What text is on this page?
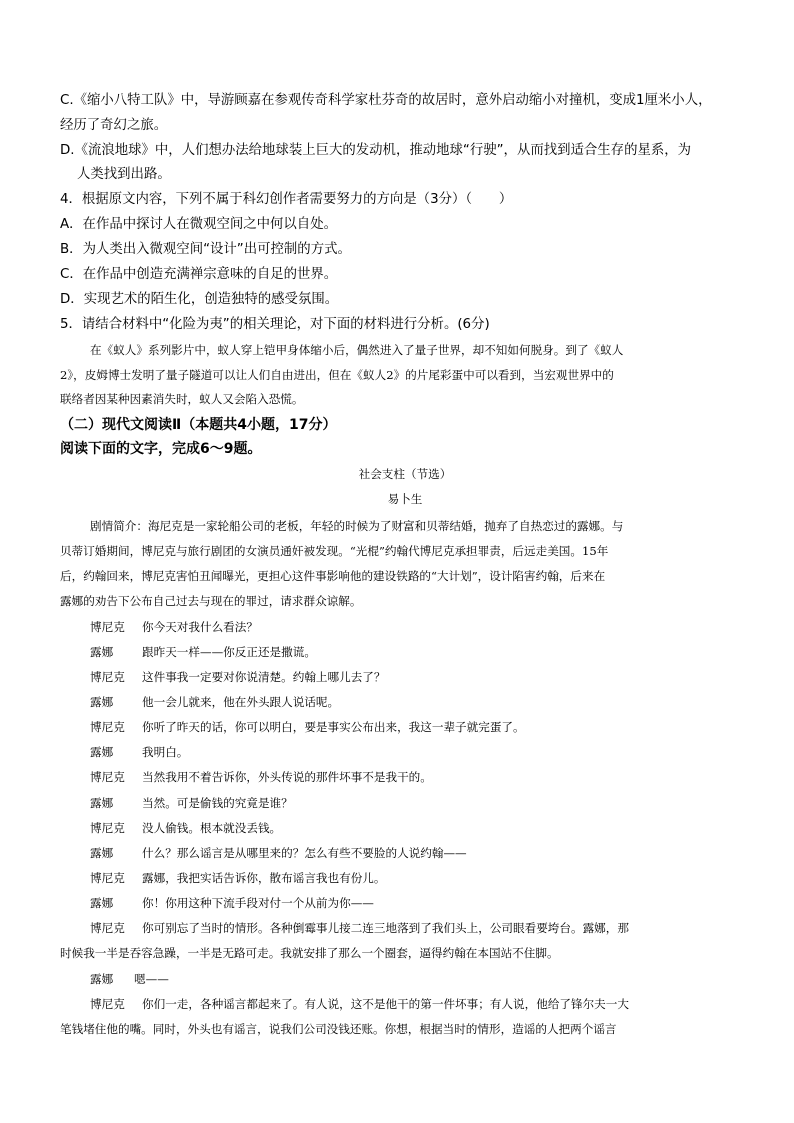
C.《缩小八特工队》中，导游顾嘉在参观传奇科学家杜芬奇的故居时，意外启动缩小对撞机，变成1厘米小人，
经历了奇幻之旅。
D.《流浪地球》中，人们想办法给地球装上巨大的发动机，推动地球“行驶”，从而找到适合生存的星系，为
人类找到出路。
4．根据原文内容，下列不属于科幻创作者需要努力的方向是（3分）（　　）
A．在作品中探讨人在微观空间之中何以自处。
B．为人类出入微观空间“设计”出可控制的方式。
C．在作品中创造充满禅宗意味的自足的世界。
D．实现艺术的陌生化，创造独特的感受氛围。
5．请结合材料中“化险为夷”的相关理论，对下面的材料进行分析。(6分)
在《蚁人》系列影片中，蚁人穿上铠甲身体缩小后，偶然进入了量子世界，却不知如何脱身。到了《蚁人
2》，皮姆博士发明了量子隧道可以让人们自由进出，但在《蚁人2》的片尾彩蛋中可以看到，当宏观世界中的
联络者因某种因素消失时，蚁人又会陷入恐慌。
（二）现代文阅读Ⅱ（本题共4小题，17分）
阅读下面的文字，完成6～9题。
社会支柱（节选）
易卜生
剧情简介：海尼克是一家轮船公司的老板，年轻的时候为了财富和贝蒂结婚，抛弃了自热恋过的露娜。与
贝蒂订婚期间，博尼克与旅行剧团的女演员通奸被发现。“光棍”约翰代博尼克承担罪责，后远走美国。15年
后，约翰回来，博尼克害怕丑闻曝光，更担心这件事影响他的建设铁路的“大计划”，设计陷害约翰，后来在
露娜的劝告下公布自己过去与现在的罪过，请求群众谅解。
博尼克 你今天对我什么看法？
露娜 跟昨天一样——你反正还是撒谎。
博尼克 这件事我一定要对你说清楚。约翰上哪儿去了？
露娜 他一会儿就来，他在外头跟人说话呢。
博尼克 你听了昨天的话，你可以明白，要是事实公布出来，我这一辈子就完蛋了。
露娜 我明白。
博尼克 当然我用不着告诉你，外头传说的那件坏事不是我干的。
露娜 当然。可是偷钱的究竟是谁？
博尼克 没人偷钱。根本就没丢钱。
露娜 什么？那么谣言是从哪里来的？怎么有些不要脸的人说约翰——
博尼克 露娜，我把实话告诉你，散布谣言我也有份儿。
露娜 你！你用这种下流手段对付一个从前为你——
博尼克 你可别忘了当时的情形。各种倒霉事儿接二连三地落到了我们头上，公司眼看要垮台。露娜，那
时候我一半是吞容急躁，一半是无路可走。我就安排了那么一个圈套，逼得约翰在本国站不住脚。
露娜 嗯——
博尼克 你们一走，各种谣言都起来了。有人说，这不是他干的第一件坏事；有人说，他给了锋尔夫一大
笔钱堵住他的嘴。同时，外头也有谣言，说我们公司没钱还账。你想，根据当时的情形，造谣的人把两个谣言
